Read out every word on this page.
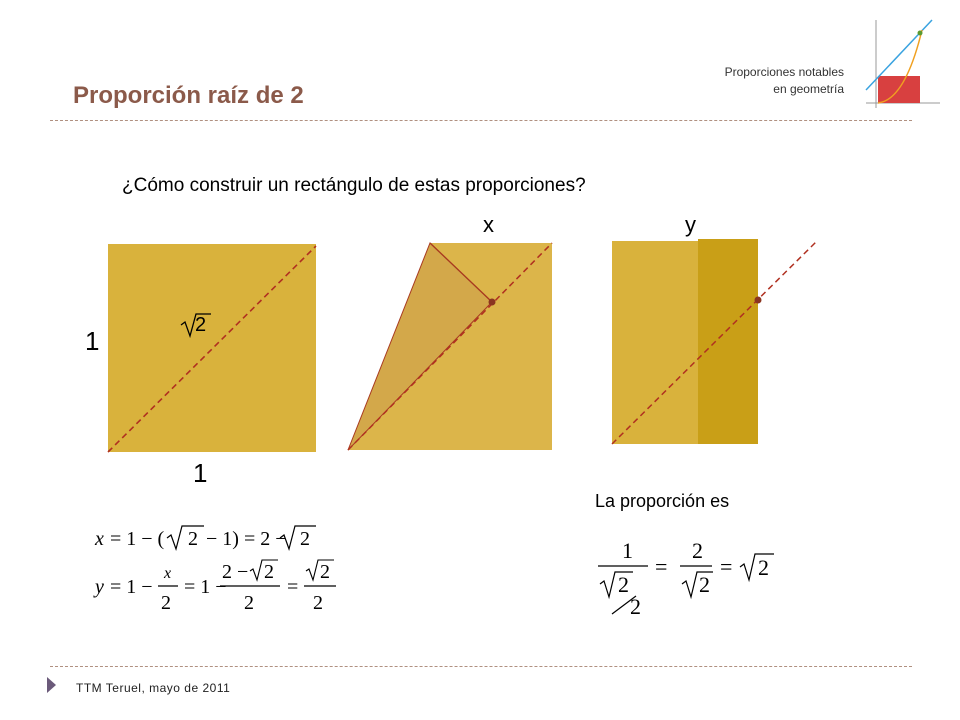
Proporción raíz de 2
Proporciones notables
en geometría
¿Cómo construir un rectángulo de estas proporciones?
2
x	y
1
1
La proporción es
x = 1 − ( 2 − 1) = 2 − 2
y = 1 −
x
2
= 1 −
2 − 2
2
=
2
2
1
2
2
=
2
2
= 2
TTM Teruel, mayo de 2011
